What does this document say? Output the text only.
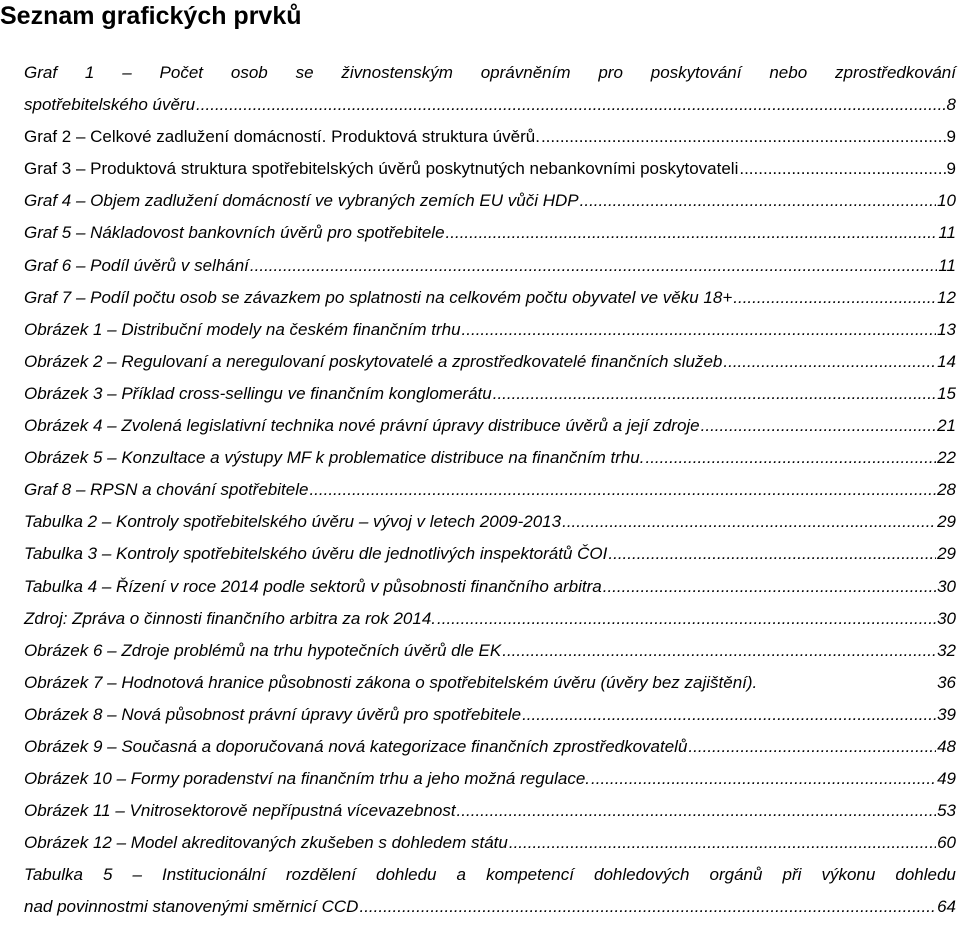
Seznam grafických prvků
Graf 1 – Počet osob se živnostenským oprávněním pro poskytování nebo zprostředkování
spotřebitelského úvěru .....	8
Graf 2 – Celkové zadlužení domácností. Produktová struktura úvěrů. .....	9
Graf 3 – Produktová struktura spotřebitelských úvěrů poskytnutých nebankovními poskytovateli .....	9
Graf 4 – Objem zadlužení domácností ve vybraných zemích EU vůči HDP .....	10
Graf 5 – Nákladovost bankovních úvěrů pro spotřebitele .....	11
Graf 6 – Podíl úvěrů v selhání .....	11
Graf 7 – Podíl počtu osob se závazkem po splatnosti na celkovém počtu obyvatel ve věku 18+ .....	12
Obrázek 1 – Distribuční modely na českém finančním trhu .....	13
Obrázek 2 – Regulovaní a neregulovaní poskytovatelé a zprostředkovatelé finančních služeb .....	14
Obrázek 3 – Příklad cross-sellingu ve finančním konglomerátu .....	15
Obrázek 4 – Zvolená legislativní technika nové právní úpravy distribuce úvěrů a její zdroje .....	21
Obrázek 5 – Konzultace a výstupy MF k problematice distribuce na finančním trhu. .....	22
Graf 8 – RPSN a chování spotřebitele .....	28
Tabulka 2 – Kontroly spotřebitelského úvěru – vývoj v letech 2009-2013 .....	29
Tabulka 3 – Kontroly spotřebitelského úvěru dle jednotlivých inspektorátů ČOI .....	29
Tabulka 4 – Řízení v roce 2014 podle sektorů v působnosti finančního arbitra .....	30
Zdroj: Zpráva o činnosti finančního arbitra za rok 2014. .....	30
Obrázek 6 – Zdroje problémů na trhu hypotečních úvěrů dle EK .....	32
Obrázek 7 – Hodnotová hranice působnosti zákona o spotřebitelském úvěru (úvěry bez zajištění).	36
Obrázek 8 – Nová působnost právní úpravy úvěrů pro spotřebitele .....	39
Obrázek 9 – Současná a doporučovaná nová kategorizace finančních zprostředkovatelů .....	48
Obrázek 10 – Formy poradenství na finančním trhu a jeho možná regulace. .....	49
Obrázek 11 – Vnitrosektorově nepřípustná vícevazebnost .....	53
Obrázek 12 – Model akreditovaných zkušeben s dohledem státu .....	60
Tabulka 5 – Institucionální rozdělení dohledu a kompetencí dohledových orgánů při výkonu dohledu
nad povinnostmi stanovenými směrnicí CCD .....	64
